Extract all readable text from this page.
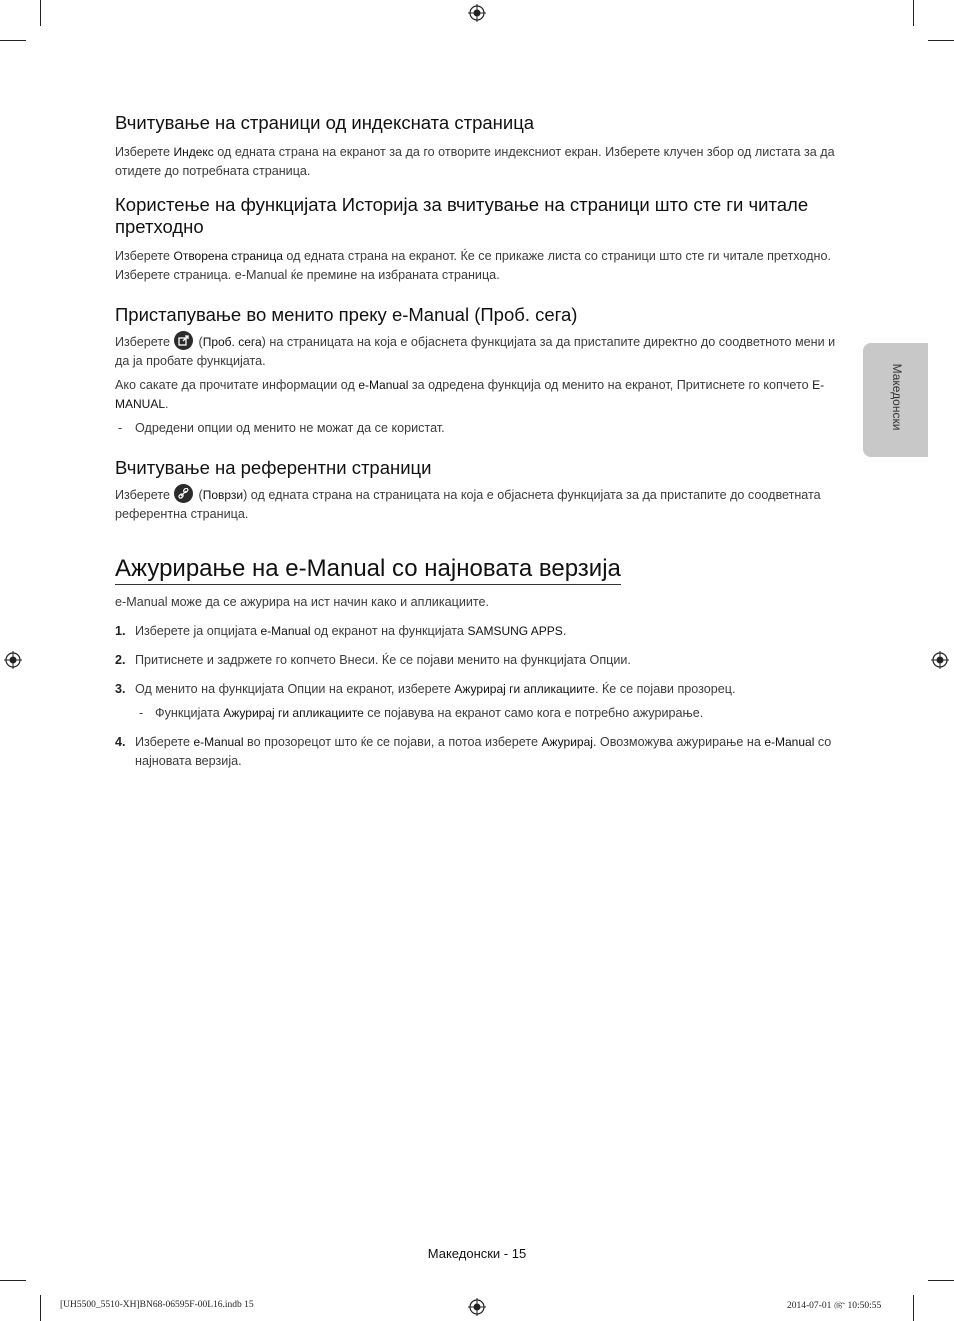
Македонски
Вчитување на страници од индексната страница

Изберете Индекс од едната страна на екранот за да го отворите индексниот екран. Изберете клучен збор од листата за да отидете до потребната страница.

Користење на функцијата Историја за вчитување на страници што сте ги читале претходно

Изберете Отворена страница од едната страна на екранот. Ќе се прикаже листа со страници што сте ги читале претходно. Изберете страница. e-Manual ќе премине на избраната страница.

Пристапување во менито преку e-Manual (Проб. сега)

Изберете
(Проб. сега) на страницата на која е објаснета функцијата за да пристапите директно до соодветното мени и да ја пробате функцијата.

Ако сакате да прочитате информации од e-Manual за одредена функција од менито на екранот, Притиснете го копчето E-MANUAL.

- Одредени опции од менито не можат да се користат.

Вчитување на референтни страници

Изберете
(Поврзи) од едната страна на страницата на која е објаснета функцијата за да пристапите до соодветната референтна страница.

Ажурирање на e-Manual со најновата верзија

e-Manual може да се ажурира на ист начин како и апликациите.

1. Изберете ја опцијата e-Manual од екранот на функцијата SAMSUNG APPS.

2. Притиснете и задржете го копчето Внеси. Ќе се појави менито на функцијата Опции.

3. Од менито на функцијата Опции на екранот, изберете Ажурирај ги апликациите. Ќе се појави прозорец.

- Функцијата Ажурирај ги апликациите се појавува на екранот само кога е потребно ажурирање.

4. Изберете e-Manual во прозорецот што ќе се појави, а потоа изберете Ажурирај. Овозможува ажурирање на e-Manual со најновата верзија.

Македонски - 15
[UH5500_5510-XH]BN68-06595F-00L16.indb 15	2014-07-01 ௹ 10:50:55
